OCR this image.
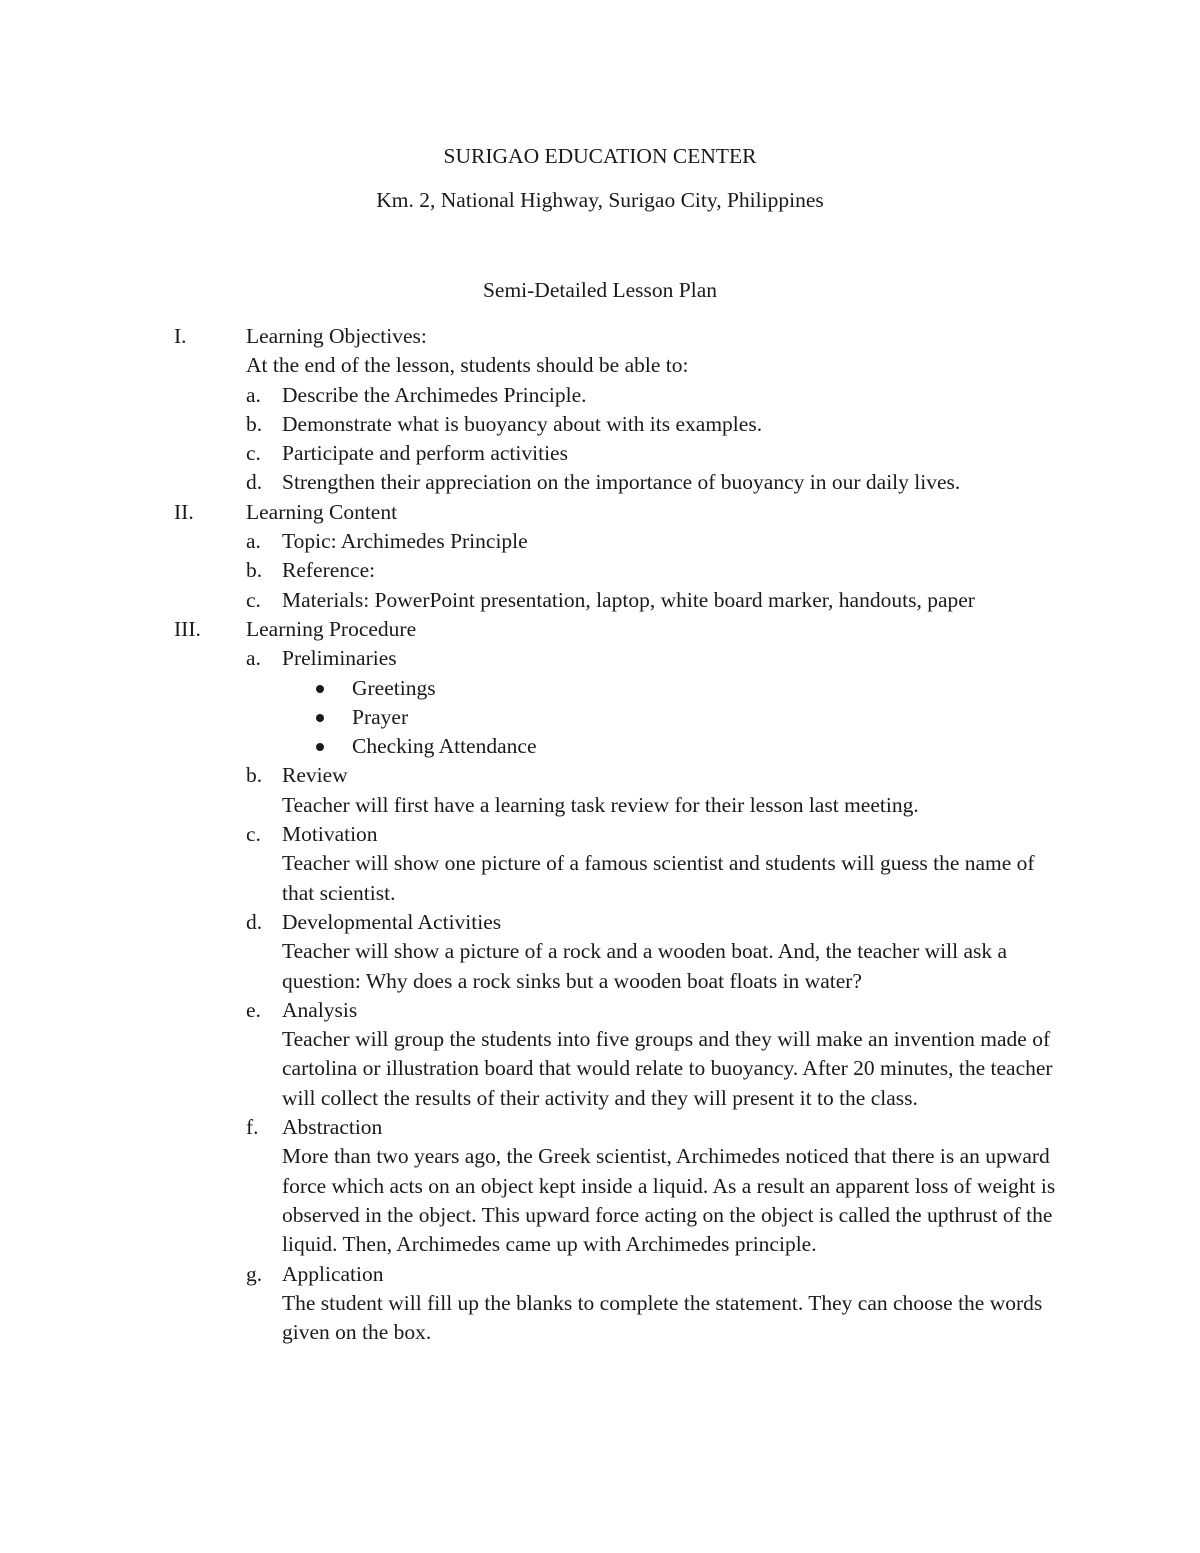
SURIGAO EDUCATION CENTER

Km. 2, National Highway, Surigao City, Philippines

Semi-Detailed Lesson Plan

I.	Learning Objectives:
At the end of the lesson, students should be able to:
a. Describe the Archimedes Principle.
b. Demonstrate what is buoyancy about with its examples.
c. Participate and perform activities
d. Strengthen their appreciation on the importance of buoyancy in our daily lives.
II. Learning Content
a. Topic: Archimedes Principle
b. Reference:
c. Materials: PowerPoint presentation, laptop, white board marker, handouts, paper
III. Learning Procedure
a. Preliminaries
Greetings
Prayer
Checking Attendance
b. Review
Teacher will first have a learning task review for their lesson last meeting.
c. Motivation
Teacher will show one picture of a famous scientist and students will guess the name of that scientist.
d. Developmental Activities
Teacher will show a picture of a rock and a wooden boat. And, the teacher will ask a question: Why does a rock sinks but a wooden boat floats in water?
e. Analysis
Teacher will group the students into five groups and they will make an invention made of cartolina or illustration board that would relate to buoyancy. After 20 minutes, the teacher will collect the results of their activity and they will present it to the class.
f. Abstraction
More than two years ago, the Greek scientist, Archimedes noticed that there is an upward force which acts on an object kept inside a liquid. As a result an apparent loss of weight is observed in the object. This upward force acting on the object is called the upthrust of the liquid. Then, Archimedes came up with Archimedes principle.
g. Application
The student will fill up the blanks to complete the statement. They can choose the words given on the box.
